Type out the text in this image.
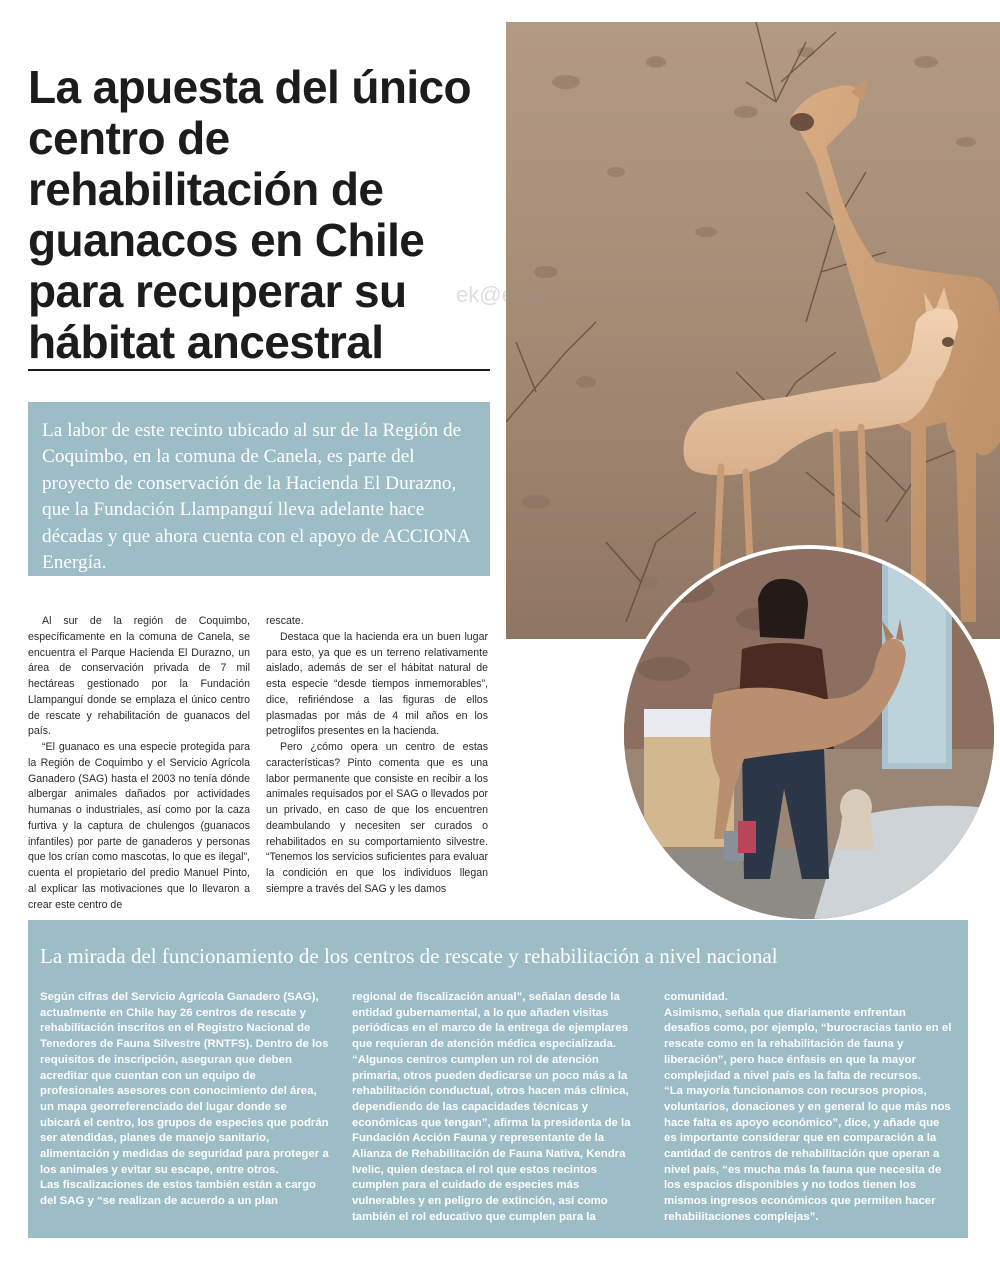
La apuesta del único centro de rehabilitación de guanacos en Chile para recuperar su hábitat ancestral

La labor de este recinto ubicado al sur de la Región de Coquimbo, en la comuna de Canela, es parte del proyecto de conservación de la Hacienda El Durazno, que la Fundación Llampanguí lleva adelante hace décadas y que ahora cuenta con el apoyo de ACCIONA Energía.

Al sur de la región de Coquimbo, específicamente en la comuna de Canela, se encuentra el Parque Hacienda El Durazno, un área de conservación privada de 7 mil hectáreas gestionado por la Fundación Llampanguí donde se emplaza el único centro de rescate y rehabilitación de guanacos del país.

“El guanaco es una especie protegida para la Región de Coquimbo y el Servicio Agrícola Ganadero (SAG) hasta el 2003 no tenía dónde albergar animales dañados por actividades humanas o industriales, así como por la caza furtiva y la captura de chulengos (guanacos infantiles) por parte de ganaderos y personas que los crían como mascotas, lo que es ilegal”, cuenta el propietario del predio Manuel Pinto, al explicar las motivaciones que lo llevaron a crear este centro de

rescate.

Destaca que la hacienda era un buen lugar para esto, ya que es un terreno relativamente aislado, además de ser el hábitat natural de esta especie “desde tiempos inmemorables”, dice, refiriéndose a las figuras de ellos plasmadas por más de 4 mil años en los petroglifos presentes en la hacienda.

Pero ¿cómo opera un centro de estas características? Pinto comenta que es una labor permanente que consiste en recibir a los animales requisados por el SAG o llevados por un privado, en caso de que los encuentren deambulando y necesiten ser curados o rehabilitados en su comportamiento silvestre. “Tenemos los servicios suficientes para evaluar la condición en que los individuos llegan siempre a través del SAG y les damos

ek@e-cli
La mirada del funcionamiento de los centros de rescate y rehabilitación a nivel nacional

Según cifras del Servicio Agrícola Ganadero (SAG), actualmente en Chile hay 26 centros de rescate y rehabilitación inscritos en el Registro Nacional de Tenedores de Fauna Silvestre (RNTFS). Dentro de los requisitos de inscripción, aseguran que deben acreditar que cuentan con un equipo de profesionales asesores con conocimiento del área, un mapa georreferenciado del lugar donde se ubicará el centro, los grupos de especies que podrán ser atendidas, planes de manejo sanitario, alimentación y medidas de seguridad para proteger a los animales y evitar su escape, entre otros.

Las fiscalizaciones de estos también están a cargo del SAG y “se realizan de acuerdo a un plan

regional de fiscalización anual”, señalan desde la entidad gubernamental, a lo que añaden visitas periódicas en el marco de la entrega de ejemplares que requieran de atención médica especializada.

“Algunos centros cumplen un rol de atención primaria, otros pueden dedicarse un poco más a la rehabilitación conductual, otros hacen más clínica, dependiendo de las capacidades técnicas y económicas que tengan”, afirma la presidenta de la Fundación Acción Fauna y representante de la Alianza de Rehabilitación de Fauna Nativa, Kendra Ivelic, quien destaca el rol que estos recintos cumplen para el cuidado de especies más vulnerables y en peligro de extinción, así como también el rol educativo que cumplen para la

comunidad.

Asimismo, señala que diariamente enfrentan desafíos como, por ejemplo, “burocracias tanto en el rescate como en la rehabilitación de fauna y liberación”, pero hace énfasis en que la mayor complejidad a nivel país es la falta de recursos.

“La mayoría funcionamos con recursos propios, voluntarios, donaciones y en general lo que más nos hace falta es apoyo económico”, dice, y añade que es importante considerar que en comparación a la cantidad de centros de rehabilitación que operan a nivel país, “es mucha más la fauna que necesita de los espacios disponibles y no todos tienen los mismos ingresos económicos que permiten hacer rehabilitaciones complejas”.
